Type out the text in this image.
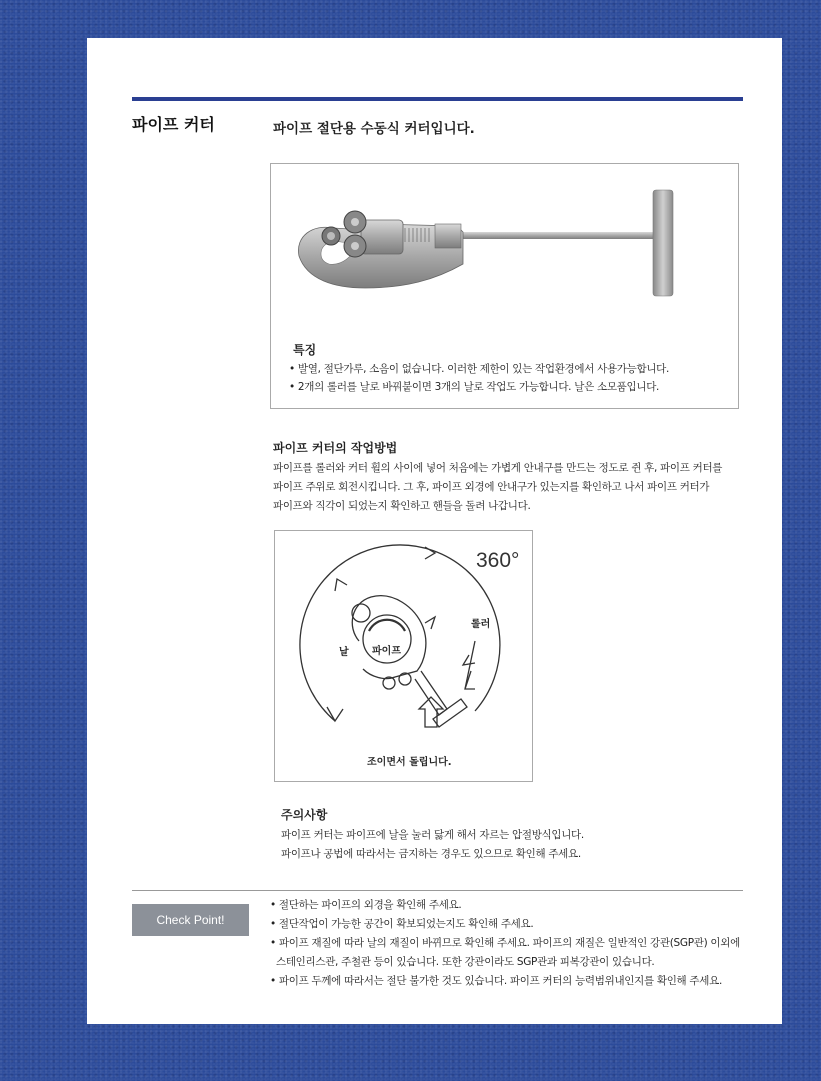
파이프 커터	파이프 절단용 수동식 커터입니다.
특징
• 발열, 절단가루, 소음이 없습니다. 이러한 제한이 있는 작업환경에서 사용가능합니다.
• 2개의 롤러를 날로 바꿔붙이면 3개의 날로 작업도 가능합니다. 날은 소모품입니다.
파이프 커터의 작업방법
파이프를 롤러와 커터 휠의 사이에 넣어 처음에는 가볍게 안내구를 만드는 정도로 쥔 후, 파이프 커터를
파이프 주위로 회전시킵니다. 그 후, 파이프 외경에 안내구가 있는지를 확인하고 나서 파이프 커터가
파이프와 직각이 되었는지 확인하고 핸들을 돌려 나갑니다.
360°
롤러
날 파이프
조이면서 돌립니다.
주의사항
파이프 커터는 파이프에 날을 눌러 닳게 해서 자르는 압절방식입니다.
파이프나 공법에 따라서는 금지하는 경우도 있으므로 확인해 주세요.
Check Point!
• 절단하는 파이프의 외경을 확인해 주세요.
• 절단작업이 가능한 공간이 확보되었는지도 확인해 주세요.
• 파이프 재질에 따라 날의 재질이 바뀌므로 확인해 주세요. 파이프의 재질은 일반적인 강관(SGP관) 이외에
스테인리스관, 주철관 등이 있습니다. 또한 강관이라도 SGP관과 피복강관이 있습니다.
• 파이프 두께에 따라서는 절단 불가한 것도 있습니다. 파이프 커터의 능력범위내인지를 확인해 주세요.
